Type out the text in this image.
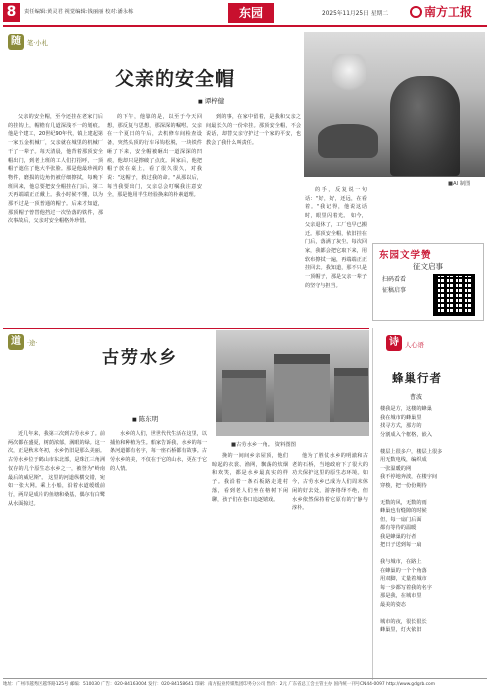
8	责任编辑:黄灵君 视觉编辑:钱丽丽 校对:潘永栋	东园	2025年11月25日 星期二	南方工报
随 笔·小札
父亲的安全帽
■ 谭梓健
父亲的安全帽，至今还挂在老家门后的挂钩上，帽檐有几道深浅不一的划痕。 他是个建工，20世纪90年代，镇上建起第一家五金机械厂，父亲就在城里的机械厂干了一辈子。每天清晨，他背着那顶安全帽出门，到老上班的工人们打招呼，一顶帽子遮住了他大半张脸。那是他最珍视的物件，磨损的边角仍被仔细擦拭，每晚下班回来，他总要把安全帽挂在门后，第二天再端端正正戴上。我小时候不懂，以为那不过是一顶普通的帽子。后来才知道，那顶帽子曾替他挡过一次坠落的铁件，那次事故后，父亲对安全帽格外珍惜。
的下午，他靠的是，以至于今天回想，那反复与思想，那深深的嘱咐。父亲在一个夏日的午后，去机修车间检查设备，突然头顶的行车吊钩松脱，一块铁件砸了下来，安全帽被砸出一道深深的凹痕，他却只是擦破了点皮。回家后，他把帽子放在桌上，看了很久很久，对我说："这帽子，救过我的命。"从那以后，每当我要出门，父亲总会叮嘱我注意安全，那是他用半生经验换来的朴素道理。
到的事，在家中留着，是我和父亲之间最长久的一份牵挂。那顶安全帽，不会说话，却替父亲守护过一个家的平安，也教会了我什么叫责任。
■AI 制图
的手，反复说一句话："好，好，还远，在看着。"我记得，他说这话时，眼里闪着光。 如今，父亲退休了，工厂也早已搬迁。那顶安全帽，依旧挂在门后，落满了灰尘。每次回家，我都会把它取下来，用软布擦拭一遍，再端端正正挂回去。我知道，那不只是一顶帽子，那是父亲一辈子的坚守与担当。
东园文学赞
征文启事
扫码看看
征稿启事
道 ·途·
古劳水乡
■ 陈东明
■古劳水乡一角。 资料图图
近几年来，我第三次到古劳水乡了。前两次都在盛夏，树荫浓郁，满眼的绿。这一次，正是秋末冬初，水乡仍旧是那么美丽。古劳水乡位于鹤山市东北部，是珠江三角洲仅存的几个原生态水乡之一，被誉为"岭南最后的威尼斯"。 这里的河道纵横交错，宛如一张大网。乘上小船，沿着水道缓缓前行，两岸是成片的鱼塘和桑基，偶尔有白鹭从水面掠过。
水乡的人们，世世代代生活在这里，以捕鱼和种植为生。船家告诉我，水乡的每一条河道都有名字，每一座石桥都有故事。古劳水乡的美，不仅在于它的山水，更在于它的人情。
挽的一间间乡亲屋顶，他们晾起的衣裳、渔网，飘荡的炊烟和欢笑，都是水乡最真实的样子。我沿着一条石板路走进村落，看到老人们坐在榕树下闲聊，孩子们在巷口追逐嬉戏。
他为了胜仗水乡的明澈和古老的石桥，当地政府下了很大的功夫保护这里的原生态环境。如今，古劳水乡已成为人们周末休闲的好去处，游客络绎不绝，但水乡依然保持着它原有的宁静与淳朴。
诗 人心语
蜂巢行者
曹波
楼我是方，这楼的蜂巢
我在城市的蜂巢里
找寻方式，那方的
分割成入个框格，嵌入
楼层上很多户，楼层上很多
用无数电线，编织成
一张温暖的网
我不停地奔波，在楼宇间
穿梭，把一份份期待
无数的风，无数的雨
蜂巢也有缝隙的时候
但，每一扇门后面
都有等待的温暖
我是蜂巢的行者
把日子送到每一扇
我与城市，在路上
在蜂巢的一个个角落
用双脚，丈量着城市
每一步都写着我的名字
那是我，在城市里
最美的姿态
城市的夜，很长很长
蜂巢里，灯火依旧
地址：广州市越秀区越华路125号 邮编：510030 广告：020-84163004 发行：020-84158641 印刷：南方报业传媒集团印务分公司 售价：2元 广东省总工会主管主办 国内统一刊号CN44-0097 http://www.gdgrb.com
